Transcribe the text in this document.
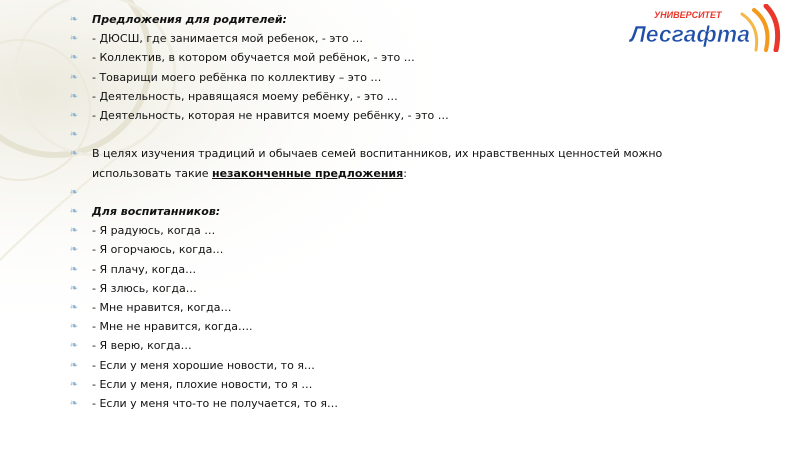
УНИВЕРСИТЕТ
Лесгафта
❧ Предложения для родителей:
❧ - ДЮСШ, где занимается мой ребенок, - это …
❧ - Коллектив, в котором обучается мой ребёнок, - это …
❧ - Товарищи моего ребёнка по коллективу – это …
❧ - Деятельность, нравящаяся моему ребёнку, - это …
❧ - Деятельность, которая не нравится моему ребёнку, - это …
❧
❧ В целях изучения традиций и обычаев семей воспитанников, их нравственных ценностей можно использовать такие незаконченные предложения:
❧
❧ Для воспитанников:
❧ - Я радуюсь, когда …
❧ - Я огорчаюсь, когда…
❧ - Я плачу, когда…
❧ - Я злюсь, когда…
❧ - Мне нравится, когда…
❧ - Мне не нравится, когда….
❧ - Я верю, когда…
❧ - Если у меня хорошие новости, то я…
❧ - Если у меня, плохие новости, то я …
❧ - Если у меня что-то не получается, то я…
